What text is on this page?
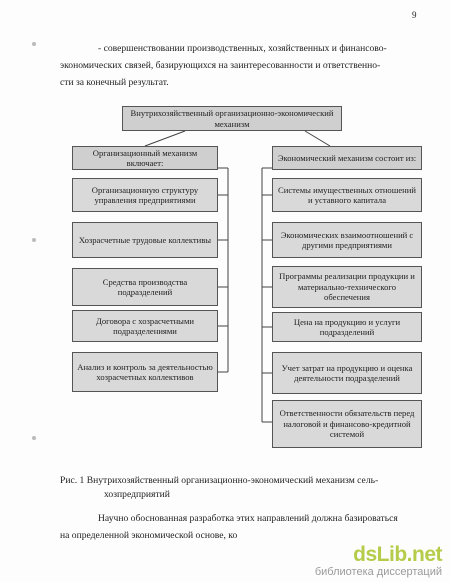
9
- совершенствовании производственных, хозяйственных и финансово-
экономических связей, базирующихся на заинтересованности и ответственно-
сти за конечный результат.
Внутрихозяйственный организационно-экономический механизм
Организационный механизм включает:
Экономический механизм состоит из:
Организационную структуру управления предприятиями
Хозрасчетные трудовые коллективы
Средства производства подразделений
Договора с хозрасчетными подразделениями
Анализ и контроль за деятельностью хозрасчетных коллективов
Системы имущественных отношений и уставного капитала
Экономических взаимоотношений с другими предприятиями
Программы реализации продукции и материально-технического обеспечения
Цена на продукцию и услуги подразделений
Учет затрат на продукцию и оценка деятельности подразделений
Ответственности обязательств перед налоговой и финансово-кредитной системой
Рис. 1 Внутрихозяйственный организационно-экономический механизм сель-
хозпредприятий
Научно обоснованная разработка этих направлений должна базироваться
на определенной экономической основе, ко
dsLib.net
библиотека диссертаций
